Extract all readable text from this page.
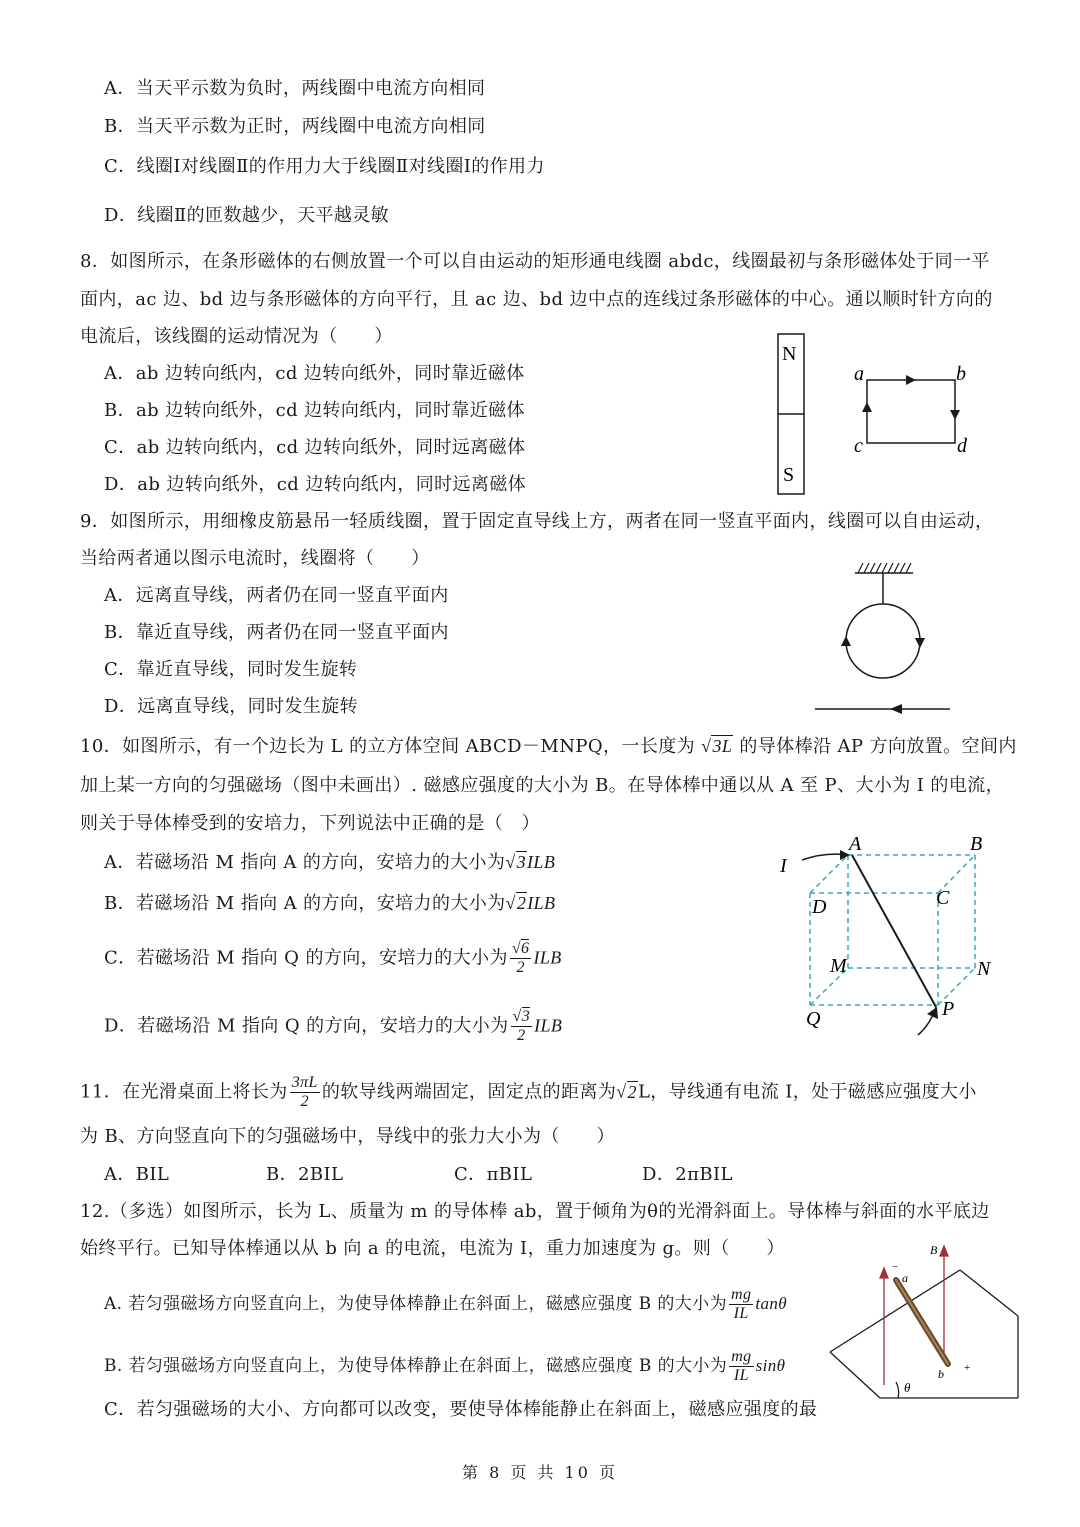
A．当天平示数为负时，两线圈中电流方向相同
B．当天平示数为正时，两线圈中电流方向相同
C．线圈Ⅰ对线圈Ⅱ的作用力大于线圈Ⅱ对线圈Ⅰ的作用力
D．线圈Ⅱ的匝数越少，天平越灵敏
8．如图所示，在条形磁体的右侧放置一个可以自由运动的矩形通电线圈 abdc，线圈最初与条形磁体处于同一平
面内，ac 边、bd 边与条形磁体的方向平行，且 ac 边、bd 边中点的连线过条形磁体的中心。通以顺时针方向的
电流后，该线圈的运动情况为（　　）
A．ab 边转向纸内，cd 边转向纸外，同时靠近磁体
B．ab 边转向纸外，cd 边转向纸内，同时靠近磁体
C．ab 边转向纸内，cd 边转向纸外，同时远离磁体
D．ab 边转向纸外，cd 边转向纸内，同时远离磁体
N
S
a	b
c	d
9．如图所示，用细橡皮筋悬吊一轻质线圈，置于固定直导线上方，两者在同一竖直平面内，线圈可以自由运动，
当给两者通以图示电流时，线圈将（　　）
A．远离直导线，两者仍在同一竖直平面内
B．靠近直导线，两者仍在同一竖直平面内
C．靠近直导线，同时发生旋转
D．远离直导线，同时发生旋转
10．如图所示，有一个边长为 L 的立方体空间 ABCD－MNPQ，一长度为 √3L 的导体棒沿 AP 方向放置。空间内
加上某一方向的匀强磁场（图中未画出）. 磁感应强度的大小为 B。在导体棒中通以从 A 至 P、大小为 I 的电流，
则关于导体棒受到的安培力，下列说法中正确的是（　）
A．若磁场沿 M 指向 A 的方向，安培力的大小为√3ILB
B．若磁场沿 M 指向 A 的方向，安培力的大小为√2ILB
C．若磁场沿 M 指向 Q 的方向，安培力的大小为 $\frac{√6}{2}$ ILB
D．若磁场沿 M 指向 Q 的方向，安培力的大小为 $\frac{√3}{2}$ ILB
I
A	B
C
D
M	N
P
Q
11．在光滑桌面上将长为 $\frac{3\pi L}{2}$ 的软导线两端固定，固定点的距离为√2L，导线通有电流 I，处于磁感应强度大小
为 B、方向竖直向下的匀强磁场中，导线中的张力大小为（　　）
A．BIL	B．2BIL	C．πBIL	D．2πBIL
12.（多选）如图所示，长为 L、质量为 m 的导体棒 ab，置于倾角为θ的光滑斜面上。导体棒与斜面的水平底边
始终平行。已知导体棒通以从 b 向 a 的电流，电流为 I，重力加速度为 g。则（　　）
A. 若匀强磁场方向竖直向上，为使导体棒静止在斜面上，磁感应强度 B 的大小为 $\frac{mg}{IL}$ tanθ
B. 若匀强磁场方向竖直向上，为使导体棒静止在斜面上，磁感应强度 B 的大小为 $\frac{mg}{IL}$ sinθ
C．若匀强磁场的大小、方向都可以改变，要使导体棒能静止在斜面上，磁感应强度的最
B
a
−
b +
θ
第 8 页 共 10 页
